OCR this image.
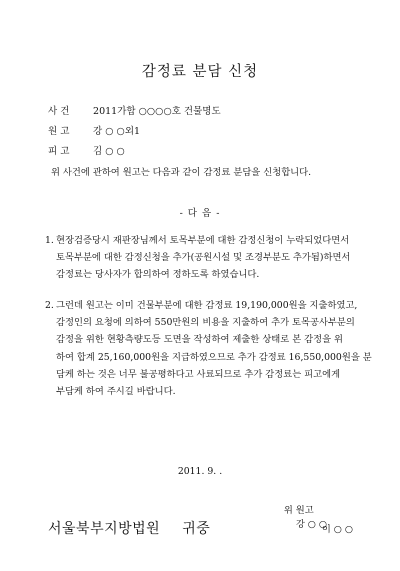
감정료 분담 신청
사 건 2011가합 ○○○○호 건물명도
원 고 강 ○ ○외1
피 고 김 ○ ○
위 사건에 관하여 원고는 다음과 같이 감정료 분담을 신청합니다.
- 다 음 -
1. 현장검증당시 재판장님께서 토목부분에 대한 감정신청이 누락되었다면서
토목부분에 대한 감정신청을 추가(공원시설 및 조경부분도 추가됨)하면서
감정료는 당사자가 합의하여 정하도록 하였습니다.
2. 그런데 원고는 이미 건물부분에 대한 감정료 19,190,000원을 지출하였고,
감정인의 요청에 의하여 550만원의 비용을 지출하여 추가 토목공사부분의
감정을 위한 현황측량도등 도면을 작성하여 제출한 상태로 본 감정을 위
하여 합계 25,160,000원을 지급하였으므로 추가 감정료 16,550,000원을 분
담케 하는 것은 너무 불공평하다고 사료되므로 추가 감정료는 피고에게
부담케 하여 주시길 바랍니다.
2011. 9. .

위 원고
강 ○ ○

이 ○ ○

서울북부지방법원 귀중
